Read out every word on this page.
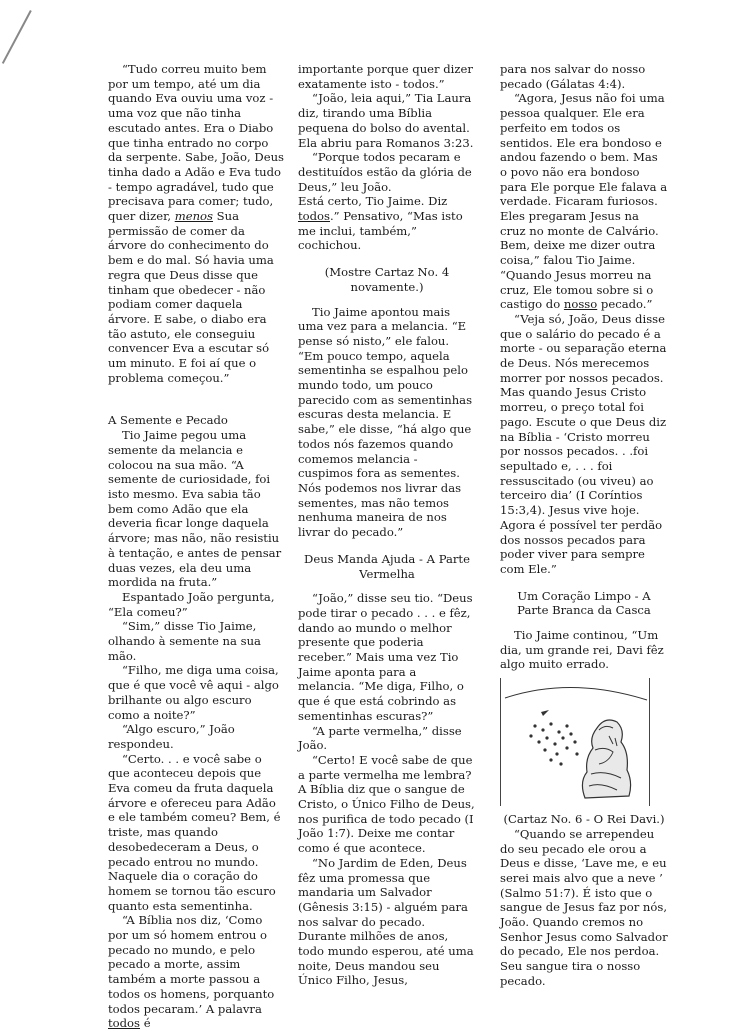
“Tudo correu muito bem por um tempo, até um dia quando Eva ouviu uma voz - uma voz que não tinha escutado antes. Era o Diabo que tinha entrado no corpo da serpente. Sabe, João, Deus tinha dado a Adão e Eva tudo - tempo agradável, tudo que precisava para comer; tudo, quer dizer, menos Sua permissão de comer da árvore do conhecimento do bem e do mal. Só havia uma regra que Deus disse que tinham que obedecer - não podiam comer daquela árvore. E sabe, o diabo era tão astuto, ele conseguiu convencer Eva a escutar só um minuto. E foi aí que o problema começou.”

A Semente e Pecado

Tio Jaime pegou uma semente da melancia e colocou na sua mão. “A semente de curiosidade, foi isto mesmo. Eva sabia tão bem como Adão que ela deveria ficar longe daquela árvore; mas não, não resistiu à tentação, e antes de pensar duas vezes, ela deu uma mordida na fruta.”

Espantado João pergunta, “Ela comeu?”

“Sim,” disse Tio Jaime, olhando à semente na sua mão.

“Filho, me diga uma coisa, que é que você vê aqui - algo brilhante ou algo escuro como a noite?”

“Algo escuro,” João respondeu.

“Certo. . . e você sabe o que aconteceu depois que Eva comeu da fruta daquela árvore e ofereceu para Adão e ele também comeu? Bem, é triste, mas quando desobedeceram a Deus, o pecado entrou no mundo. Naquele dia o coração do homem se tornou tão escuro quanto esta sementinha.

“A Bíblia nos diz, ‘Como por um só homem entrou o pecado no mundo, e pelo pecado a morte, assim também a morte passou a todos os homens, porquanto todos pecaram.’ A palavra todos é

importante porque quer dizer exatamente isto - todos.”

“João, leia aqui,” Tia Laura diz, tirando uma Bíblia pequena do bolso do avental. Ela abriu para Romanos 3:23.

“Porque todos pecaram e destituídos estão da glória de Deus,” leu João.

Está certo, Tio Jaime. Diz todos.” Pensativo, “Mas isto me inclui, também,” cochichou.

(Mostre Cartaz No. 4 novamente.)

Tio Jaime apontou mais uma vez para a melancia. “E pense só nisto,” ele falou. “Em pouco tempo, aquela sementinha se espalhou pelo mundo todo, um pouco parecido com as sementinhas escuras desta melancia. E sabe,” ele disse, “há algo que todos nós fazemos quando comemos melancia - cuspimos fora as sementes. Nós podemos nos livrar das sementes, mas não temos nenhuma maneira de nos livrar do pecado.”

Deus Manda Ajuda - A Parte Vermelha

“João,” disse seu tio. “Deus pode tirar o pecado . . . e fêz, dando ao mundo o melhor presente que poderia receber.” Mais uma vez Tio Jaime aponta para a melancia. “Me diga, Filho, o que é que está cobrindo as sementinhas escuras?”

“A parte vermelha,” disse João.

“Certo! E você sabe de que a parte vermelha me lembra? A Bíblia diz que o sangue de Cristo, o Único Filho de Deus, nos purifica de todo pecado (I João 1:7). Deixe me contar como é que acontece.

“No Jardim de Eden, Deus fêz uma promessa que mandaria um Salvador (Gênesis 3:15) - alguém para nos salvar do pecado. Durante milhões de anos, todo mundo esperou, até uma noite, Deus mandou seu Único Filho, Jesus,

para nos salvar do nosso pecado (Gálatas 4:4).

“Agora, Jesus não foi uma pessoa qualquer. Ele era perfeito em todos os sentidos. Ele era bondoso e andou fazendo o bem. Mas o povo não era bondoso para Ele porque Ele falava a verdade. Ficaram furiosos. Eles pregaram Jesus na cruz no monte de Calvário. Bem, deixe me dizer outra coisa,” falou Tio Jaime. “Quando Jesus morreu na cruz, Ele tomou sobre si o castigo do nosso pecado.”

“Veja só, João, Deus disse que o salário do pecado é a morte - ou separação eterna de Deus. Nós merecemos morrer por nossos pecados. Mas quando Jesus Cristo morreu, o preço total foi pago. Escute o que Deus diz na Bíblia - ‘Cristo morreu por nossos pecados. . .foi sepultado e, . . . foi ressuscitado (ou viveu) ao terceiro dia’ (I Coríntios 15:3,4). Jesus vive hoje. Agora é possível ter perdão dos nossos pecados para poder viver para sempre com Ele.”

Um Coração Limpo - A Parte Branca da Casca

Tio Jaime continou, “Um dia, um grande rei, Davi fêz algo muito errado.

(Cartaz No. 6 - O Rei Davi.)

“Quando se arrependeu do seu pecado ele orou a Deus e disse, ‘Lave me, e eu serei mais alvo que a neve ’ (Salmo 51:7). É isto que o sangue de Jesus faz por nós, João. Quando cremos no Senhor Jesus como Salvador do pecado, Ele nos perdoa. Seu sangue tira o nosso pecado.
